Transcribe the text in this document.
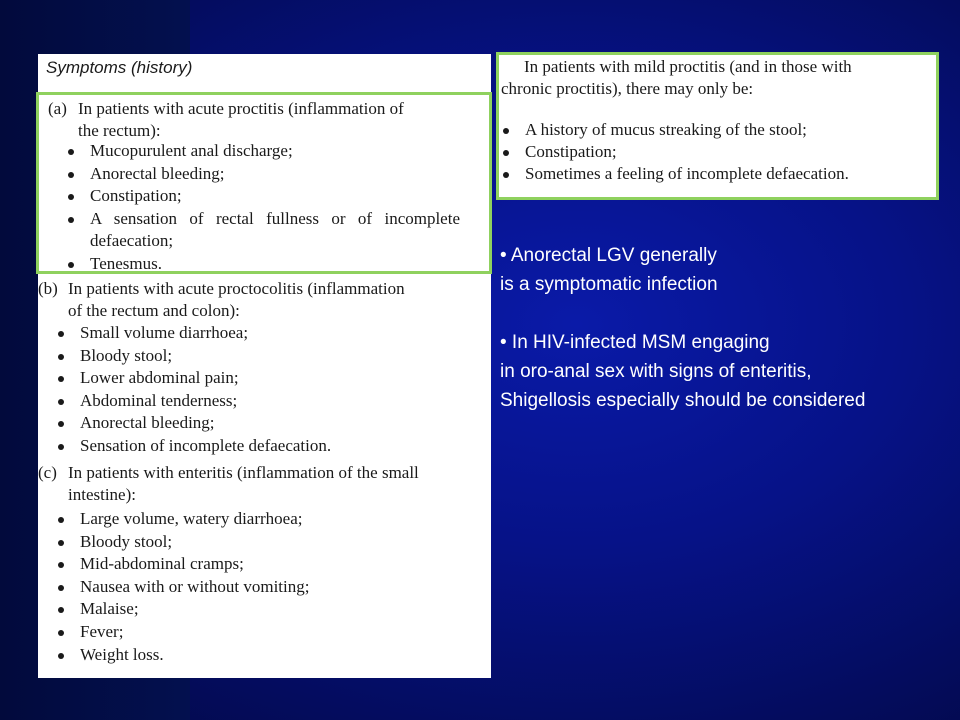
Symptoms (history)
(a) In patients with acute proctitis (inflammation of
the rectum):
Mucopurulent anal discharge;
Anorectal bleeding;
Constipation;
A sensation of rectal fullness or of incomplete defaecation;
Tenesmus.
(b) In patients with acute proctocolitis (inflammation
of the rectum and colon):
Small volume diarrhoea;
Bloody stool;
Lower abdominal pain;
Abdominal tenderness;
Anorectal bleeding;
Sensation of incomplete defaecation.
(c) In patients with enteritis (inflammation of the small
intestine):
Large volume, watery diarrhoea;
Bloody stool;
Mid-abdominal cramps;
Nausea with or without vomiting;
Malaise;
Fever;
Weight loss.
In patients with mild proctitis (and in those with
chronic proctitis), there may only be:
A history of mucus streaking of the stool;
Constipation;
Sometimes a feeling of incomplete defaecation.
• Anorectal LGV generally
is a symptomatic infection
• In HIV-infected MSM engaging
in oro-anal sex with signs of enteritis,
Shigellosis especially should be considered
